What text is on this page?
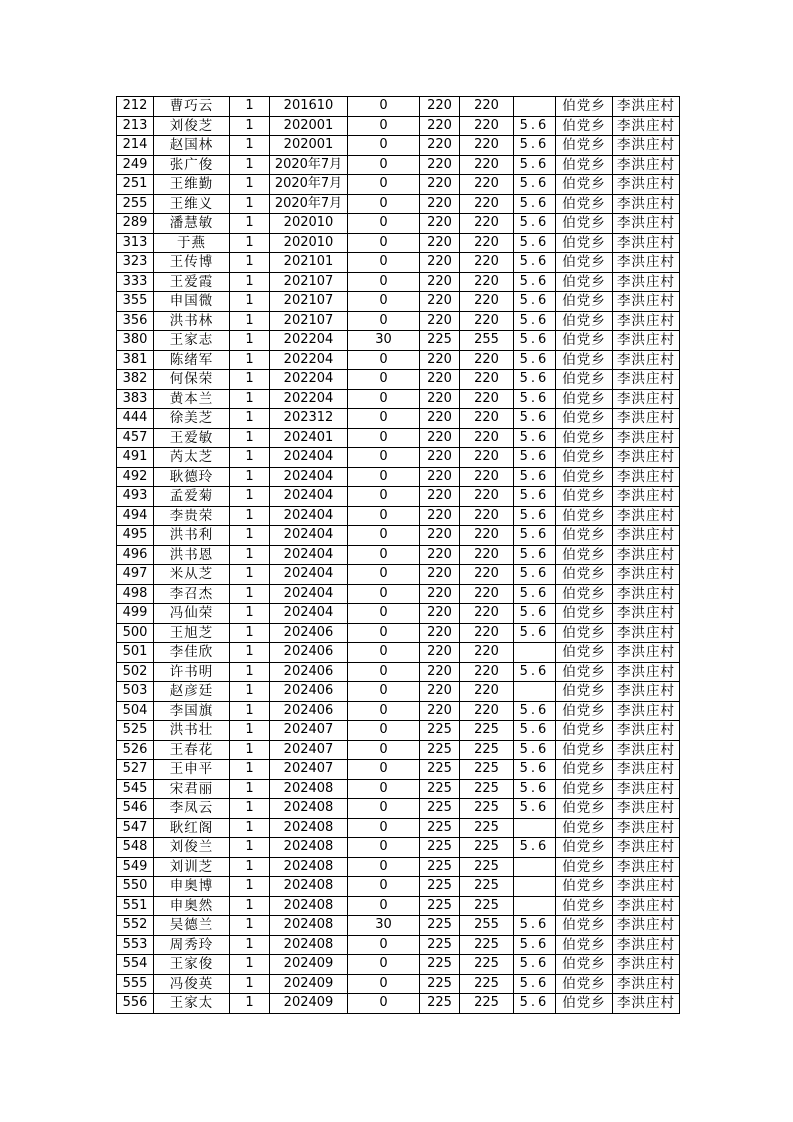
212	曹巧云	1	201610	0	220	220		伯党乡	李洪庄村
213	刘俊芝	1	202001	0	220	220	5.6	伯党乡	李洪庄村
214	赵国林	1	202001	0	220	220	5.6	伯党乡	李洪庄村
249	张广俊	1	2020年7月	0	220	220	5.6	伯党乡	李洪庄村
251	王维勤	1	2020年7月	0	220	220	5.6	伯党乡	李洪庄村
255	王维义	1	2020年7月	0	220	220	5.6	伯党乡	李洪庄村
289	潘慧敏	1	202010	0	220	220	5.6	伯党乡	李洪庄村
313	于燕	1	202010	0	220	220	5.6	伯党乡	李洪庄村
323	王传博	1	202101	0	220	220	5.6	伯党乡	李洪庄村
333	王爱霞	1	202107	0	220	220	5.6	伯党乡	李洪庄村
355	申国微	1	202107	0	220	220	5.6	伯党乡	李洪庄村
356	洪书林	1	202107	0	220	220	5.6	伯党乡	李洪庄村
380	王家志	1	202204	30	225	255	5.6	伯党乡	李洪庄村
381	陈绪军	1	202204	0	220	220	5.6	伯党乡	李洪庄村
382	何保荣	1	202204	0	220	220	5.6	伯党乡	李洪庄村
383	黄本兰	1	202204	0	220	220	5.6	伯党乡	李洪庄村
444	徐美芝	1	202312	0	220	220	5.6	伯党乡	李洪庄村
457	王爱敏	1	202401	0	220	220	5.6	伯党乡	李洪庄村
491	芮太芝	1	202404	0	220	220	5.6	伯党乡	李洪庄村
492	耿德玲	1	202404	0	220	220	5.6	伯党乡	李洪庄村
493	孟爱菊	1	202404	0	220	220	5.6	伯党乡	李洪庄村
494	李贵荣	1	202404	0	220	220	5.6	伯党乡	李洪庄村
495	洪书利	1	202404	0	220	220	5.6	伯党乡	李洪庄村
496	洪书恩	1	202404	0	220	220	5.6	伯党乡	李洪庄村
497	米从芝	1	202404	0	220	220	5.6	伯党乡	李洪庄村
498	李召杰	1	202404	0	220	220	5.6	伯党乡	李洪庄村
499	冯仙荣	1	202404	0	220	220	5.6	伯党乡	李洪庄村
500	王旭芝	1	202406	0	220	220	5.6	伯党乡	李洪庄村
501	李佳欣	1	202406	0	220	220		伯党乡	李洪庄村
502	许书明	1	202406	0	220	220	5.6	伯党乡	李洪庄村
503	赵彦廷	1	202406	0	220	220		伯党乡	李洪庄村
504	李国旗	1	202406	0	220	220	5.6	伯党乡	李洪庄村
525	洪书壮	1	202407	0	225	225	5.6	伯党乡	李洪庄村
526	王春花	1	202407	0	225	225	5.6	伯党乡	李洪庄村
527	王申平	1	202407	0	225	225	5.6	伯党乡	李洪庄村
545	宋君丽	1	202408	0	225	225	5.6	伯党乡	李洪庄村
546	李凤云	1	202408	0	225	225	5.6	伯党乡	李洪庄村
547	耿红阁	1	202408	0	225	225		伯党乡	李洪庄村
548	刘俊兰	1	202408	0	225	225	5.6	伯党乡	李洪庄村
549	刘训芝	1	202408	0	225	225		伯党乡	李洪庄村
550	申奥博	1	202408	0	225	225		伯党乡	李洪庄村
551	申奥然	1	202408	0	225	225		伯党乡	李洪庄村
552	吴德兰	1	202408	30	225	255	5.6	伯党乡	李洪庄村
553	周秀玲	1	202408	0	225	225	5.6	伯党乡	李洪庄村
554	王家俊	1	202409	0	225	225	5.6	伯党乡	李洪庄村
555	冯俊英	1	202409	0	225	225	5.6	伯党乡	李洪庄村
556	王家太	1	202409	0	225	225	5.6	伯党乡	李洪庄村
